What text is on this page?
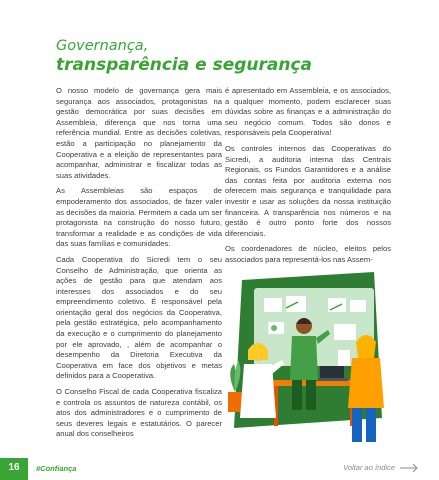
Governança,
transparência e segurança

O nosso modelo de governança gera mais segurança aos associados, protagonistas na gestão democrática por suas decisões em Assembleia, diferença que nos torna uma referência mundial. Entre as decisões coletivas, estão a participação no planejamento da Cooperativa e a eleição de representantes para acompanhar, administrar e fiscalizar todas as suas atividades.

As Assembleias são espaços de empoderamento dos associados, de fazer valer as decisões da maioria. Permitem a cada um ser protagonista na construção do nosso futuro, transformar a realidade e as condições de vida das suas famílias e comunidades.

Cada Cooperativa do Sicredi tem o seu Conselho de Administração, que orienta as ações de gestão para que atendam aos interesses dos associados e do seu empreendimento coletivo. É responsável pela orientação geral dos negócios da Cooperativa, pela gestão estratégica, pelo acompanhamento da execução e o cumprimento do planejamento por ele aprovado, , além de acompanhar o desempenho da Diretoria Executiva da Cooperativa em face dos objetivos e metas definidos para a Cooperativa.

O Conselho Fiscal de cada Cooperativa fiscaliza e controla os assuntos de natureza contábil, os atos dos administradores e o cumprimento de seus deveres legais e estatutários. O parecer anual dos conselheiros

é apresentado em Assembleia, e os associados, a qualquer momento, podem esclarecer suas dúvidas sobre as finanças e a administração do seu negócio comum. Todos são donos e responsáveis pela Cooperativa!

Os controles internos das Cooperativas do Sicredi, a auditoria interna das Centrais Regionais, os Fundos Garantidores e a análise das contas feita por auditoria externa nos oferecem mais segurança e tranquilidade para investir e usar as soluções da nossa instituição financeira. A transparência nos números e na gestão é outro ponto forte dos nossos diferenciais.

Os coordenadores de núcleo, eleitos pelos associados para representá-los nas Assem-

16	#Confiança	Voltar ao índice
